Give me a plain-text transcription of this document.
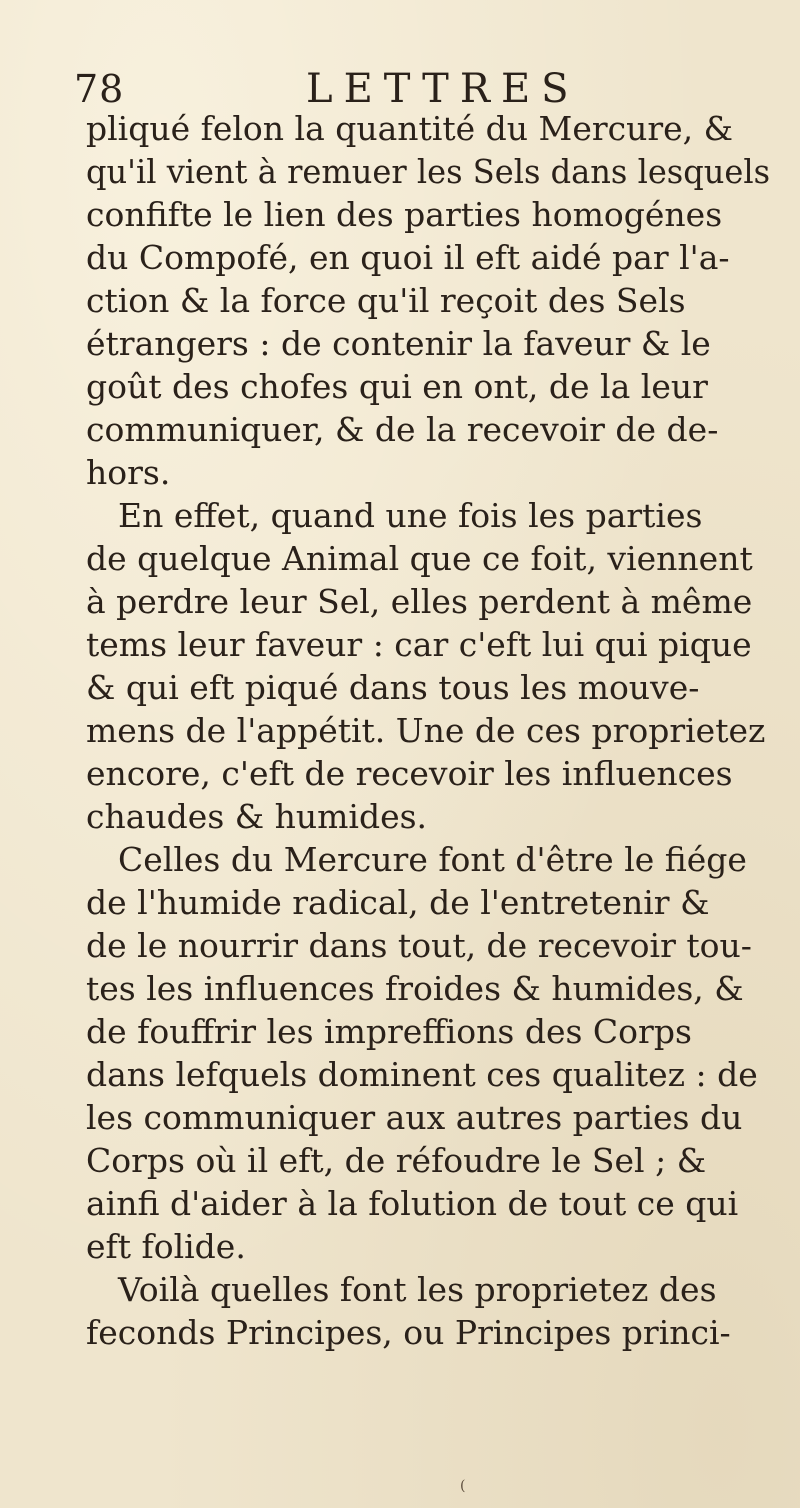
78	LETTRES
pliqué felon la quantité du Mercure, &
qu'il vient à remuer les Sels dans lesquels
confifte le lien des parties homogénes
du Compofé, en quoi il eft aidé par l'a-
ction & la force qu'il reçoit des Sels
étrangers : de contenir la faveur & le
goût des chofes qui en ont, de la leur
communiquer, & de la recevoir de de-
hors.
En effet, quand une fois les parties
de quelque Animal que ce foit, viennent
à perdre leur Sel, elles perdent à même
tems leur faveur : car c'eft lui qui pique
& qui eft piqué dans tous les mouve-
mens de l'appétit. Une de ces proprietez
encore, c'eft de recevoir les influences
chaudes & humides.
Celles du Mercure font d'être le fiége
de l'humide radical, de l'entretenir &
de le nourrir dans tout, de recevoir tou-
tes les influences froides & humides, &
de fouffrir les impreffions des Corps
dans lefquels dominent ces qualitez : de
les communiquer aux autres parties du
Corps où il eft, de réfoudre le Sel ; &
ainfi d'aider à la folution de tout ce qui
eft folide.
Voilà quelles font les proprietez des
feconds Principes, ou Principes princi-
(
